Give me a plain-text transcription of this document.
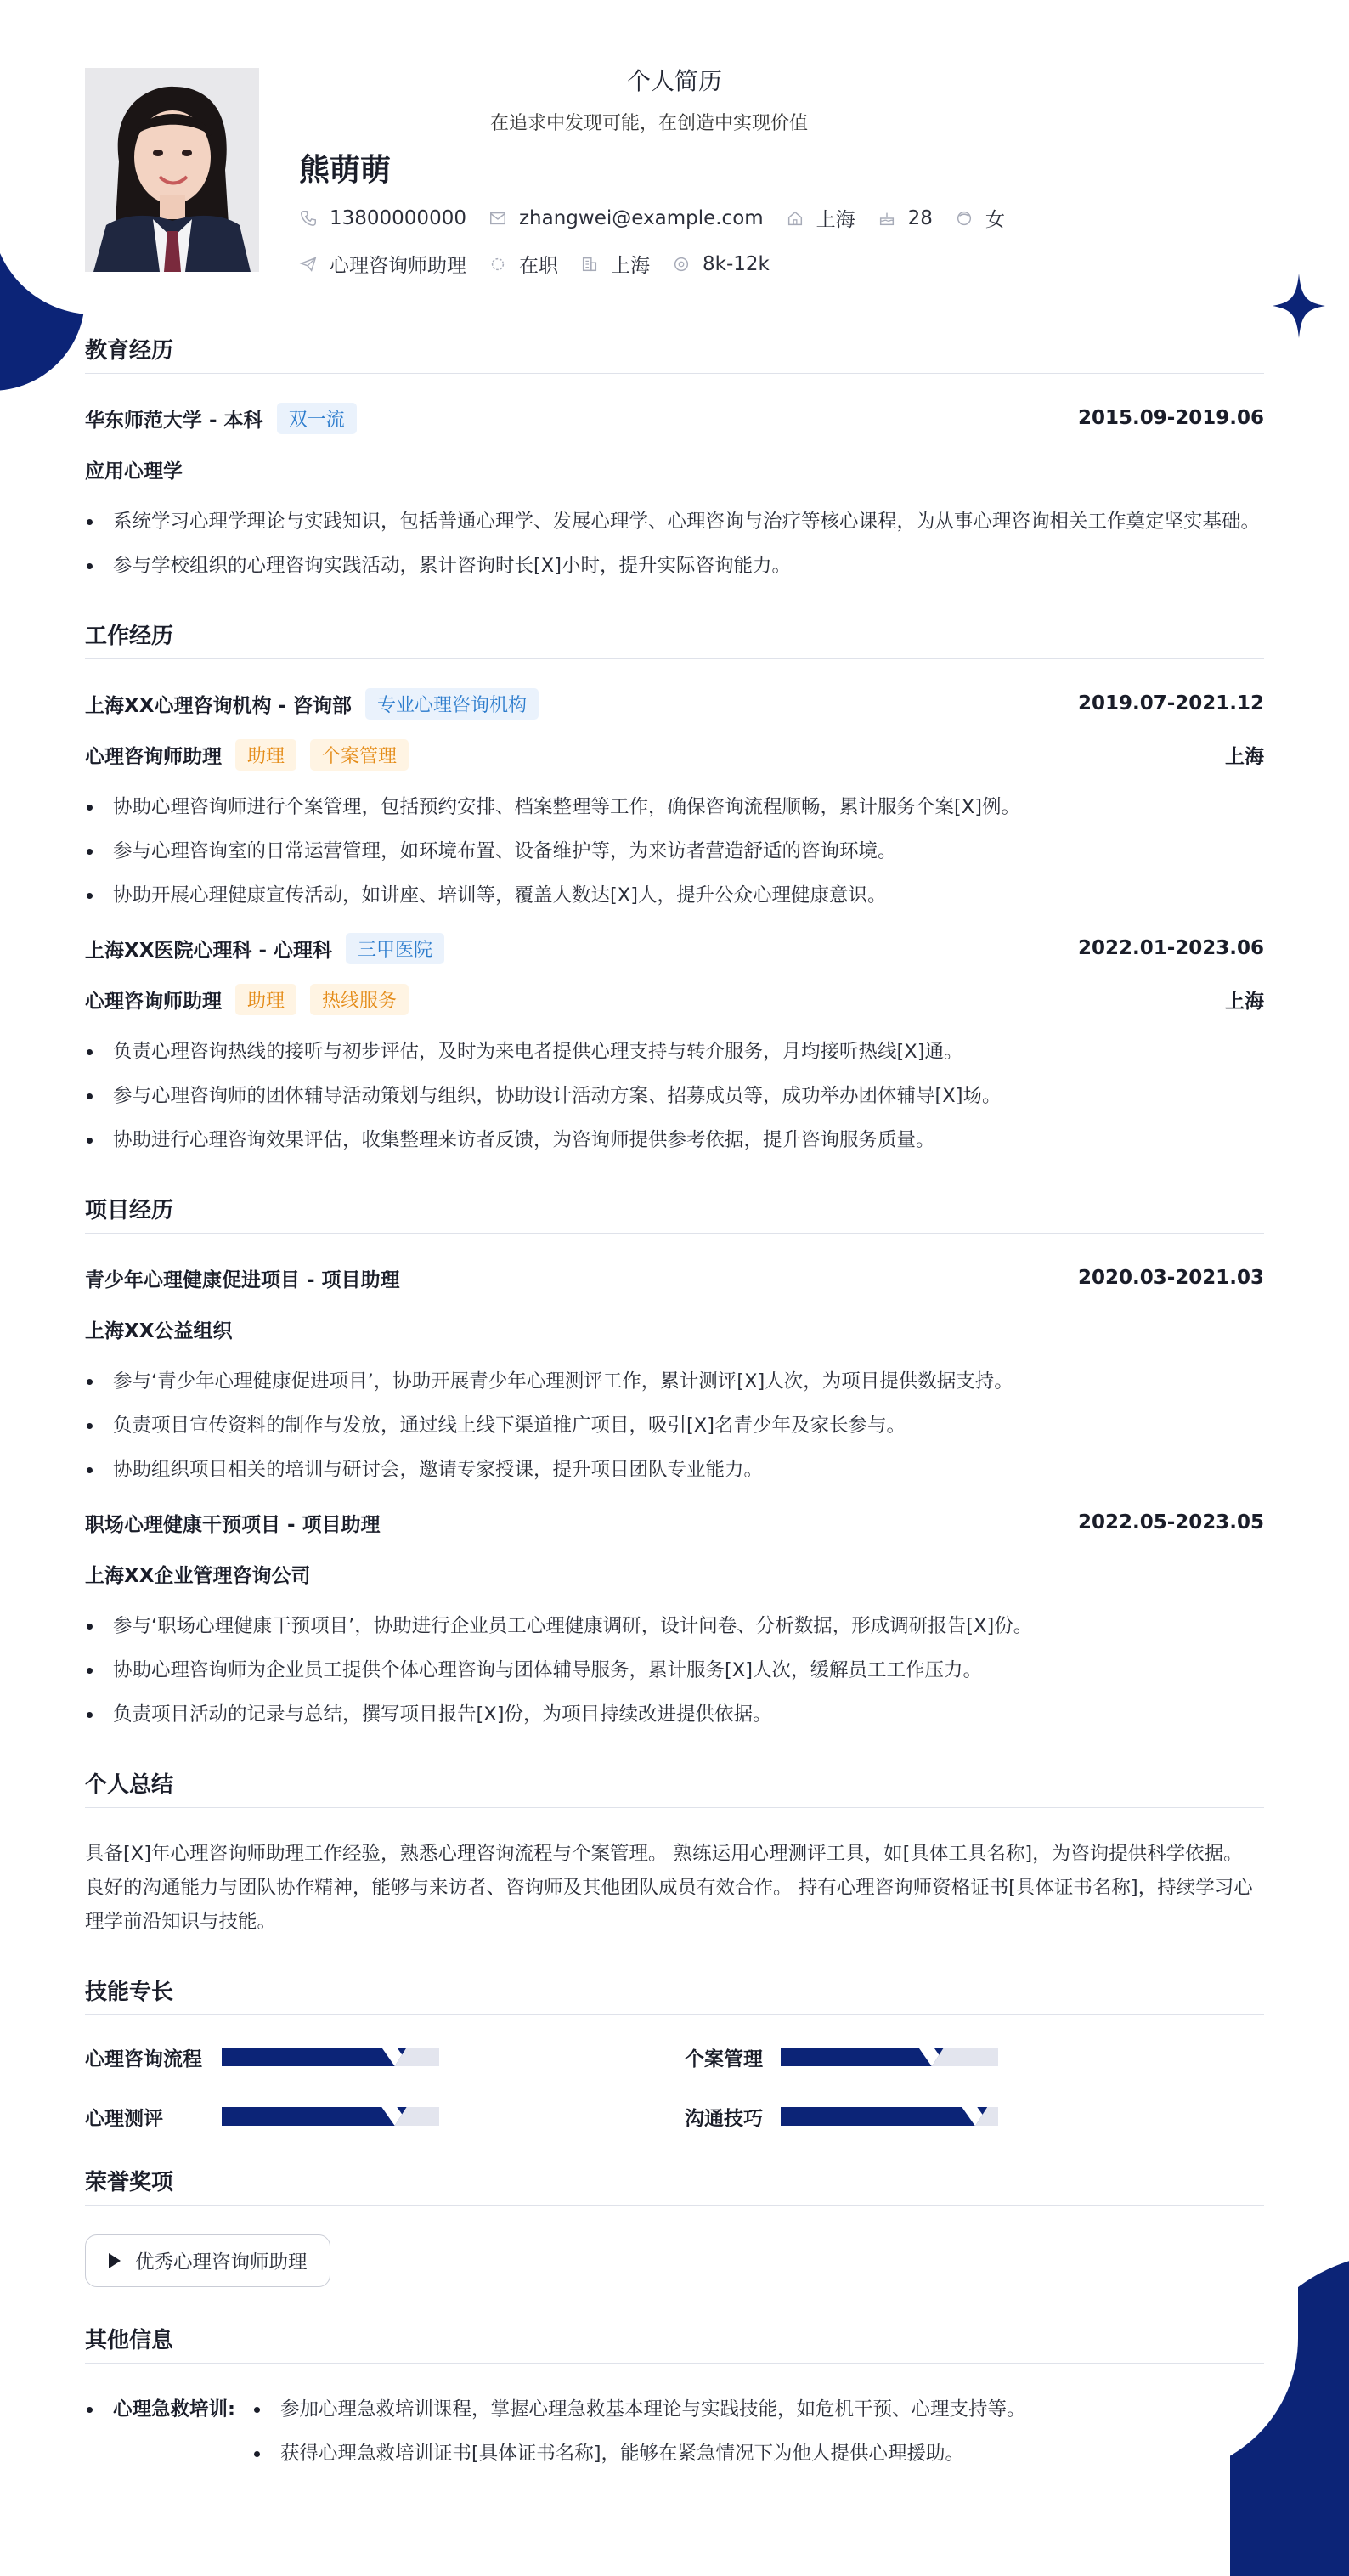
个人简历
在追求中发现可能，在创造中实现价值
熊萌萌
13800000000	zhangwei@example.com	上海	28	女
心理咨询师助理	在职	上海	8k-12k
教育经历
华东师范大学 - 本科	双一流	2015.09-2019.06
应用心理学
系统学习心理学理论与实践知识，包括普通心理学、发展心理学、心理咨询与治疗等核心课程，为从事心理咨询相关工作奠定坚实基础。
参与学校组织的心理咨询实践活动，累计咨询时长[X]小时，提升实际咨询能力。
工作经历
上海XX心理咨询机构 - 咨询部	专业心理咨询机构	2019.07-2021.12
心理咨询师助理	助理	个案管理	上海
协助心理咨询师进行个案管理，包括预约安排、档案整理等工作，确保咨询流程顺畅，累计服务个案[X]例。
参与心理咨询室的日常运营管理，如环境布置、设备维护等，为来访者营造舒适的咨询环境。
协助开展心理健康宣传活动，如讲座、培训等，覆盖人数达[X]人，提升公众心理健康意识。
上海XX医院心理科 - 心理科	三甲医院	2022.01-2023.06
心理咨询师助理	助理	热线服务	上海
负责心理咨询热线的接听与初步评估，及时为来电者提供心理支持与转介服务，月均接听热线[X]通。
参与心理咨询师的团体辅导活动策划与组织，协助设计活动方案、招募成员等，成功举办团体辅导[X]场。
协助进行心理咨询效果评估，收集整理来访者反馈，为咨询师提供参考依据，提升咨询服务质量。
项目经历
青少年心理健康促进项目 - 项目助理	2020.03-2021.03
上海XX公益组织
参与‘青少年心理健康促进项目’，协助开展青少年心理测评工作，累计测评[X]人次，为项目提供数据支持。
负责项目宣传资料的制作与发放，通过线上线下渠道推广项目，吸引[X]名青少年及家长参与。
协助组织项目相关的培训与研讨会，邀请专家授课，提升项目团队专业能力。
职场心理健康干预项目 - 项目助理	2022.05-2023.05
上海XX企业管理咨询公司
参与‘职场心理健康干预项目’，协助进行企业员工心理健康调研，设计问卷、分析数据，形成调研报告[X]份。
协助心理咨询师为企业员工提供个体心理咨询与团体辅导服务，累计服务[X]人次，缓解员工工作压力。
负责项目活动的记录与总结，撰写项目报告[X]份，为项目持续改进提供依据。
个人总结

具备[X]年心理咨询师助理工作经验，熟悉心理咨询流程与个案管理。 熟练运用心理测评工具，如[具体工具名称]，为咨询提供科学依据。 良好的沟通能力与团队协作精神，能够与来访者、咨询师及其他团队成员有效合作。 持有心理咨询师资格证书[具体证书名称]，持续学习心理学前沿知识与技能。

技能专长
心理咨询流程	个案管理
心理测评	沟通技巧
荣誉奖项
优秀心理咨询师助理
其他信息
心理急救培训:	参加心理急救培训课程，掌握心理急救基本理论与实践技能，如危机干预、心理支持等。
获得心理急救培训证书[具体证书名称]，能够在紧急情况下为他人提供心理援助。
